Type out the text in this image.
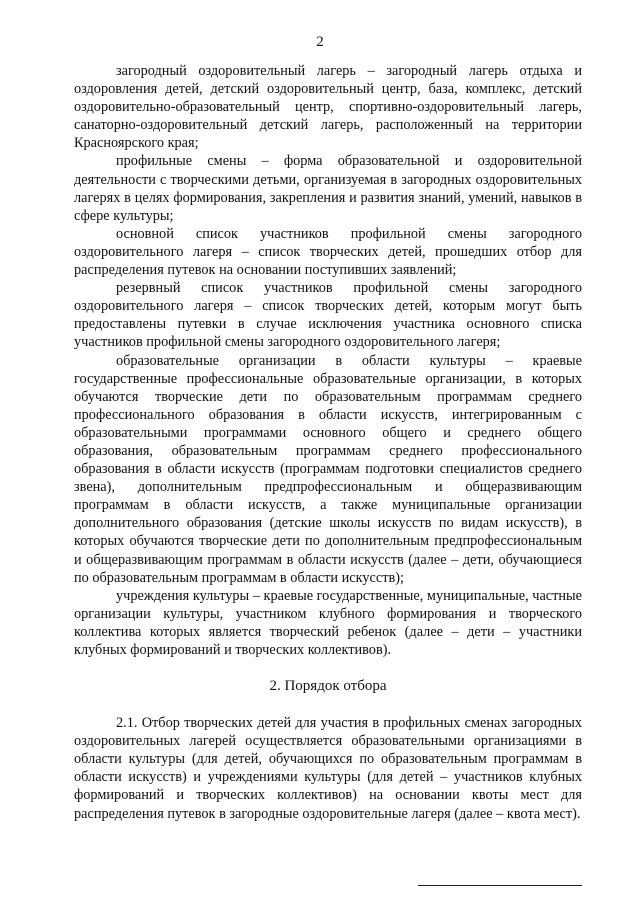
2

загородный оздоровительный лагерь – загородный лагерь отдыха и оздоровления детей, детский оздоровительный центр, база, комплекс, детский оздоровительно-образовательный центр, спортивно-оздоровительный лагерь, санаторно-оздоровительный детский лагерь, расположенный на территории Красноярского края;

профильные смены – форма образовательной и оздоровительной деятельности с творческими детьми, организуемая в загородных оздоровительных лагерях в целях формирования, закрепления и развития знаний, умений, навыков в сфере культуры;

основной список участников профильной смены загородного оздоровительного лагеря – список творческих детей, прошедших отбор для распределения путевок на основании поступивших заявлений;

резервный список участников профильной смены загородного оздоровительного лагеря – список творческих детей, которым могут быть предоставлены путевки в случае исключения участника основного списка участников профильной смены загородного оздоровительного лагеря;

образовательные организации в области культуры – краевые государственные профессиональные образовательные организации, в которых обучаются творческие дети по образовательным программам среднего профессионального образования в области искусств, интегрированным с образовательными программами основного общего и среднего общего образования, образовательным программам среднего профессионального образования в области искусств (программам подготовки специалистов среднего звена), дополнительным предпрофессиональным и общеразвивающим программам в области искусств, а также муниципальные организации дополнительного образования (детские школы искусств по видам искусств), в которых обучаются творческие дети по дополнительным предпрофессиональным и общеразвивающим программам в области искусств (далее – дети, обучающиеся по образовательным программам в области искусств);

учреждения культуры – краевые государственные, муниципальные, частные организации культуры, участником клубного формирования и творческого коллектива которых является творческий ребенок (далее – дети – участники клубных формирований и творческих коллективов).

2. Порядок отбора

2.1. Отбор творческих детей для участия в профильных сменах загородных оздоровительных лагерей осуществляется образовательными организациями в области культуры (для детей, обучающихся по образовательным программам в области искусств) и учреждениями культуры (для детей – участников клубных формирований и творческих коллективов) на основании квоты мест для распределения путевок в загородные оздоровительные лагеря (далее – квота мест).
